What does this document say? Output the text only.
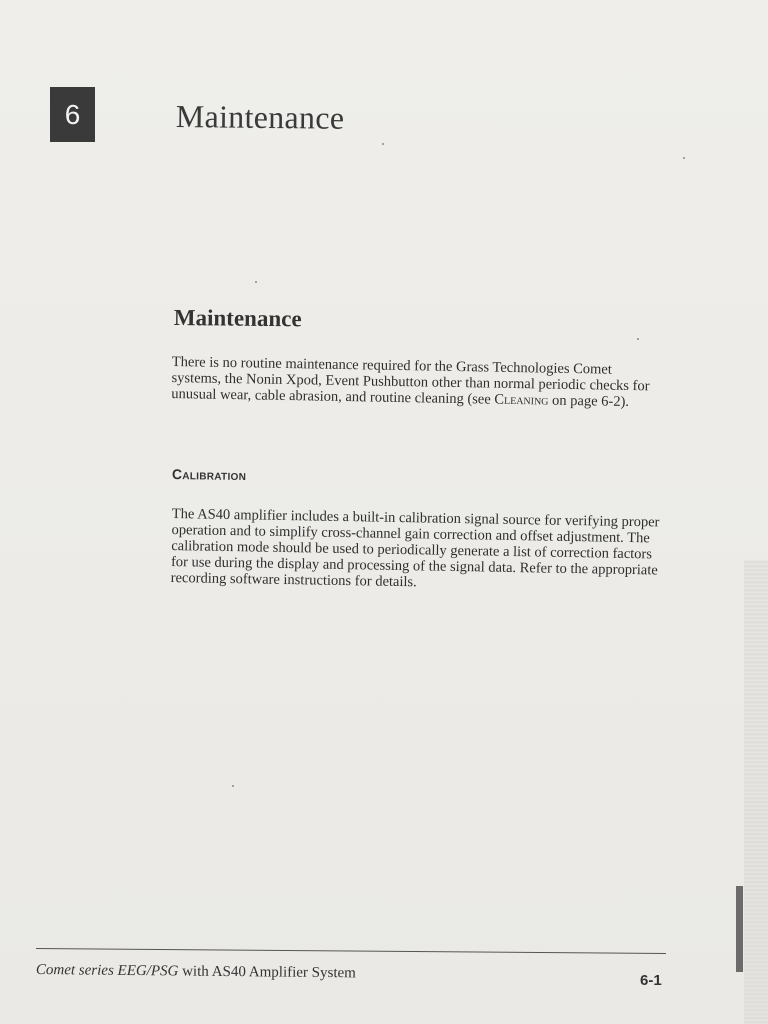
6	Maintenance
Maintenance

There is no routine maintenance required for the Grass Technologies Comet systems, the Nonin Xpod, Event Pushbutton other than normal periodic checks for unusual wear, cable abrasion, and routine cleaning (see Cleaning on page 6-2).

Calibration

The AS40 amplifier includes a built-in calibration signal source for verifying proper operation and to simplify cross-channel gain correction and offset adjustment. The calibration mode should be used to periodically generate a list of correction factors for use during the display and processing of the signal data. Refer to the appropriate recording software instructions for details.

Comet series EEG/PSG with AS40 Amplifier System	6-1
